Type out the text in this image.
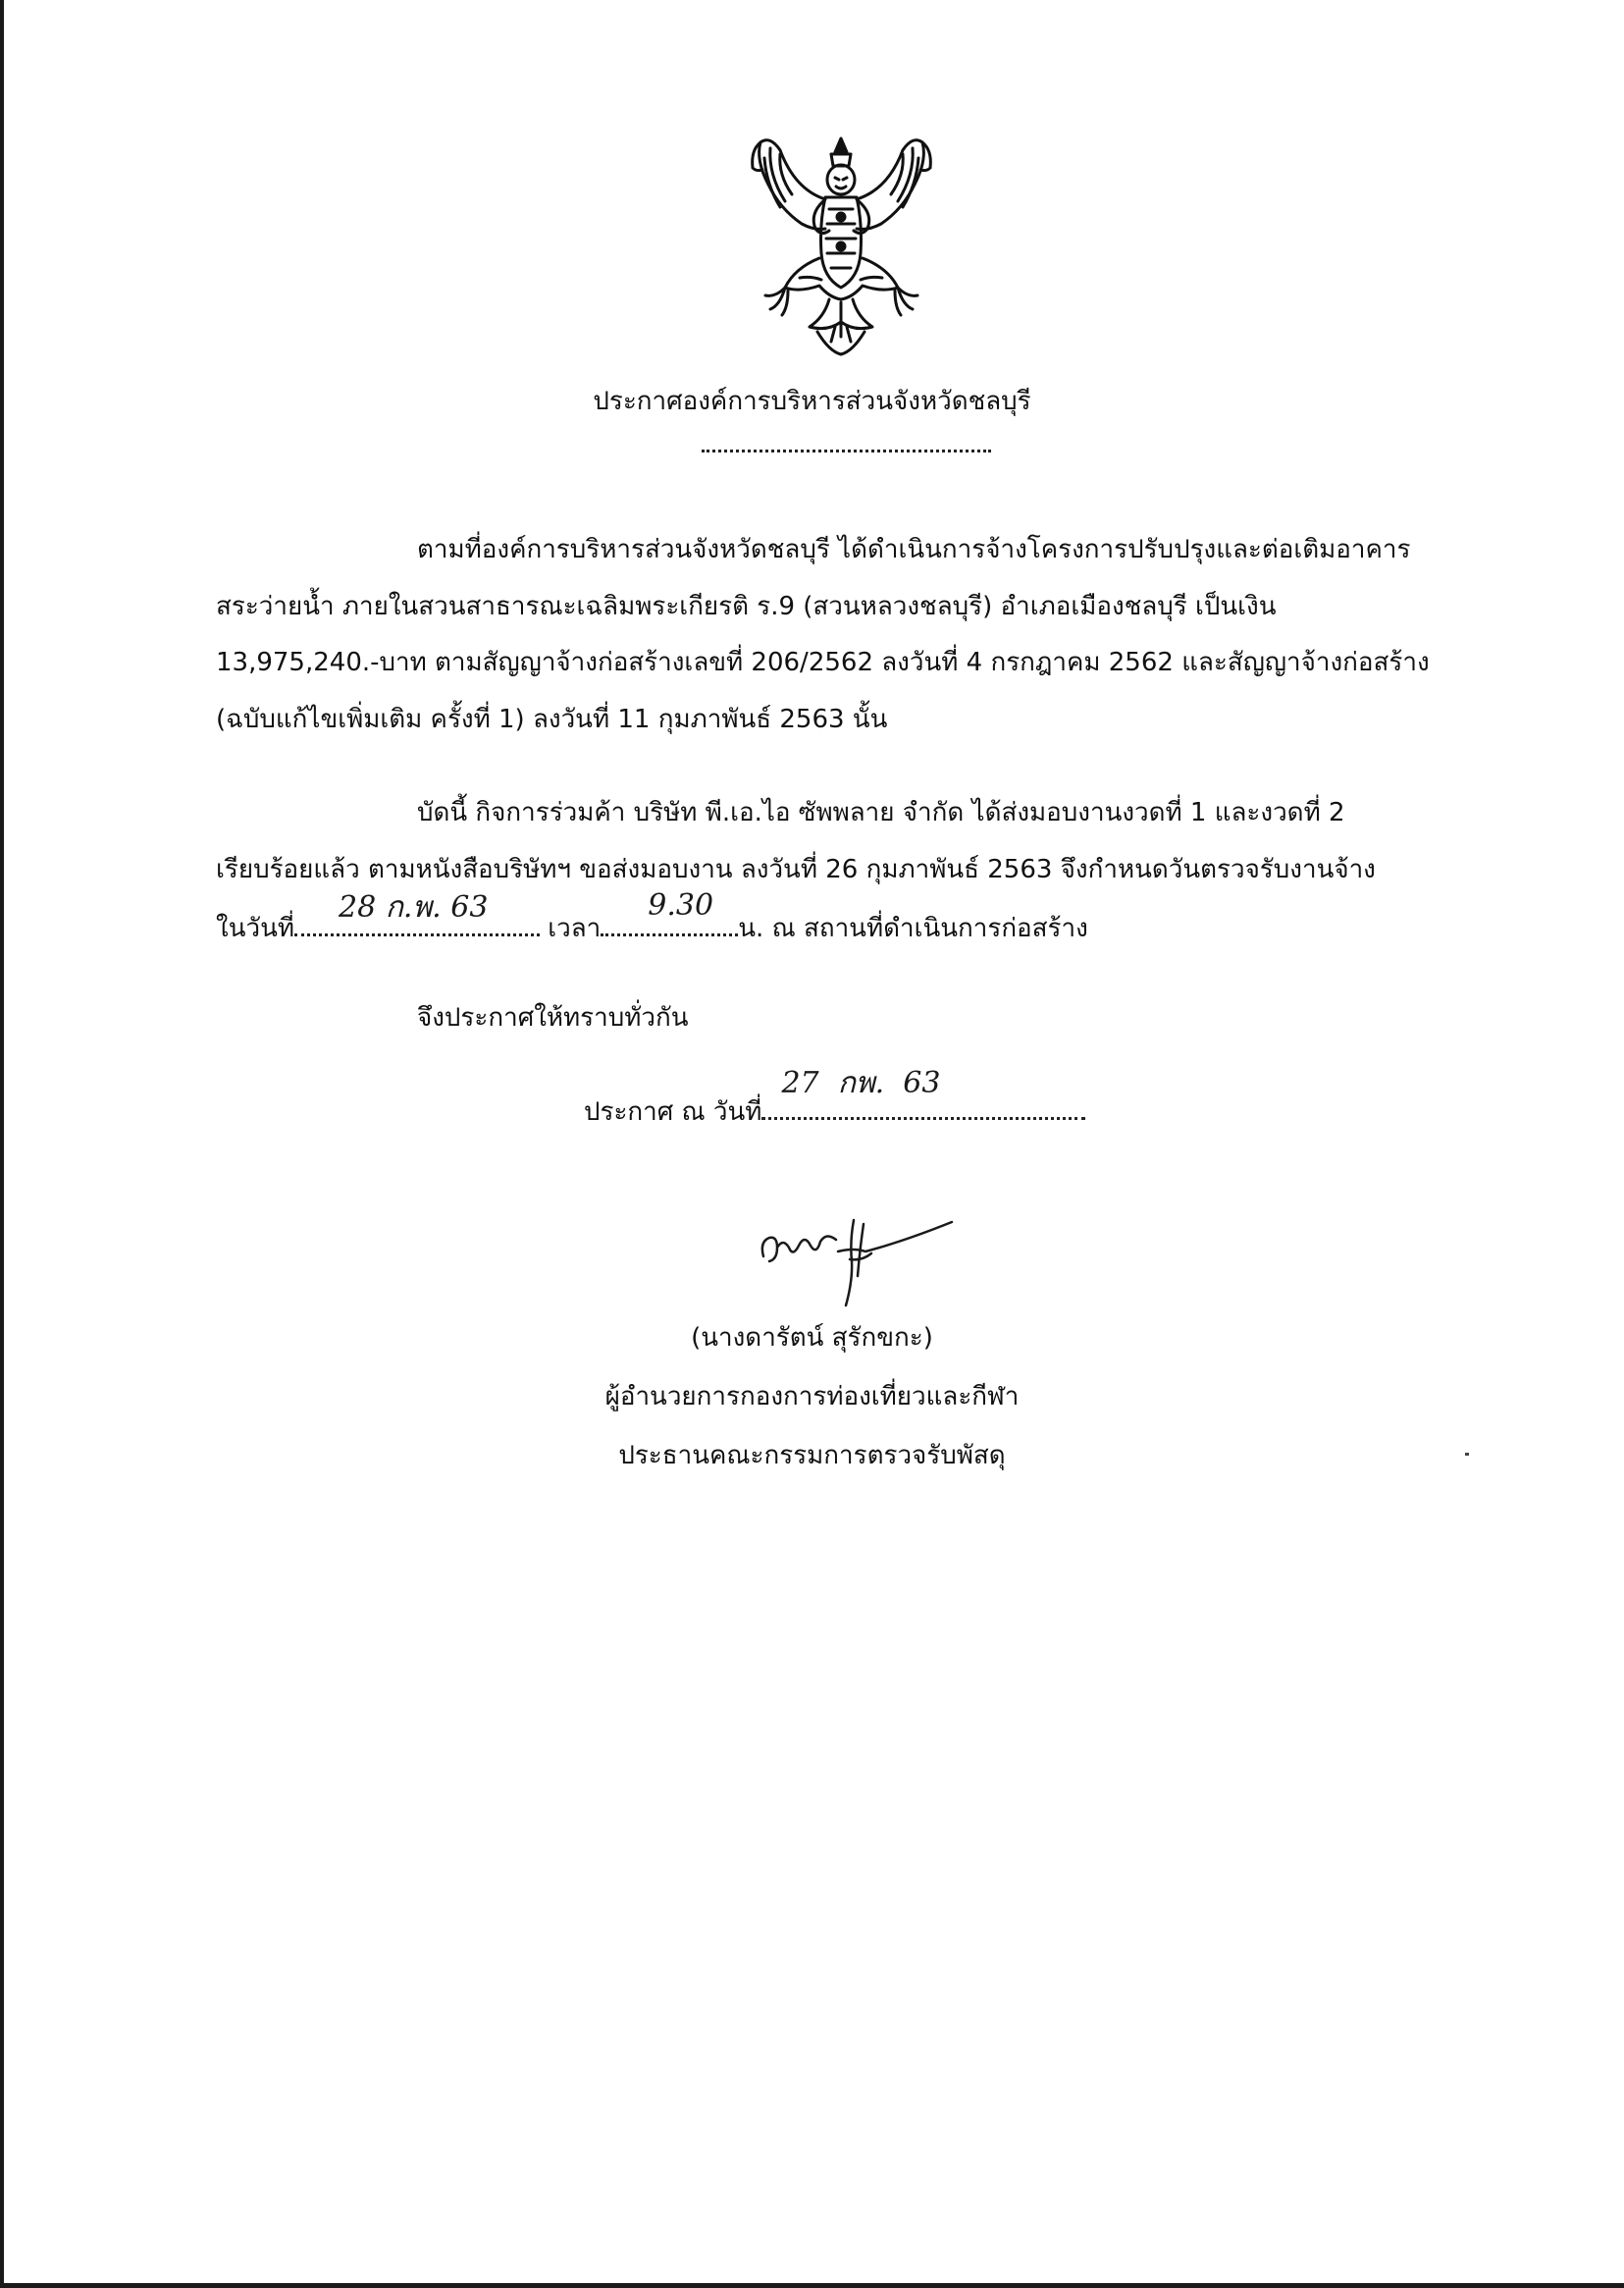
ประกาศองค์การบริหารส่วนจังหวัดชลบุรี
ตามที่องค์การบริหารส่วนจังหวัดชลบุรี ได้ดำเนินการจ้างโครงการปรับปรุงและต่อเติมอาคาร
สระว่ายน้ำ ภายในสวนสาธารณะเฉลิมพระเกียรติ ร.9 (สวนหลวงชลบุรี) อำเภอเมืองชลบุรี เป็นเงิน
13,975,240.-บาท ตามสัญญาจ้างก่อสร้างเลขที่ 206/2562 ลงวันที่ 4 กรกฎาคม 2562 และสัญญาจ้างก่อสร้าง
(ฉบับแก้ไขเพิ่มเติม ครั้งที่ 1) ลงวันที่ 11 กุมภาพันธ์ 2563 นั้น
บัดนี้ กิจการร่วมค้า บริษัท พี.เอ.ไอ ซัพพลาย จำกัด ได้ส่งมอบงานงวดที่ 1 และงวดที่ 2
เรียบร้อยแล้ว ตามหนังสือบริษัทฯ ขอส่งมอบงาน ลงวันที่ 26 กุมภาพันธ์ 2563 จึงกำหนดวันตรวจรับงานจ้าง
ในวันที่
28 ก.พ. 63
เวลา
9.30
น. ณ สถานที่ดำเนินการก่อสร้าง
จึงประกาศให้ทราบทั่วกัน
ประกาศ ณ วันที่
27  กพ.  63
(นางดารัตน์ สุรักขกะ)
ผู้อำนวยการกองการท่องเที่ยวและกีฬา
ประธานคณะกรรมการตรวจรับพัสดุ
